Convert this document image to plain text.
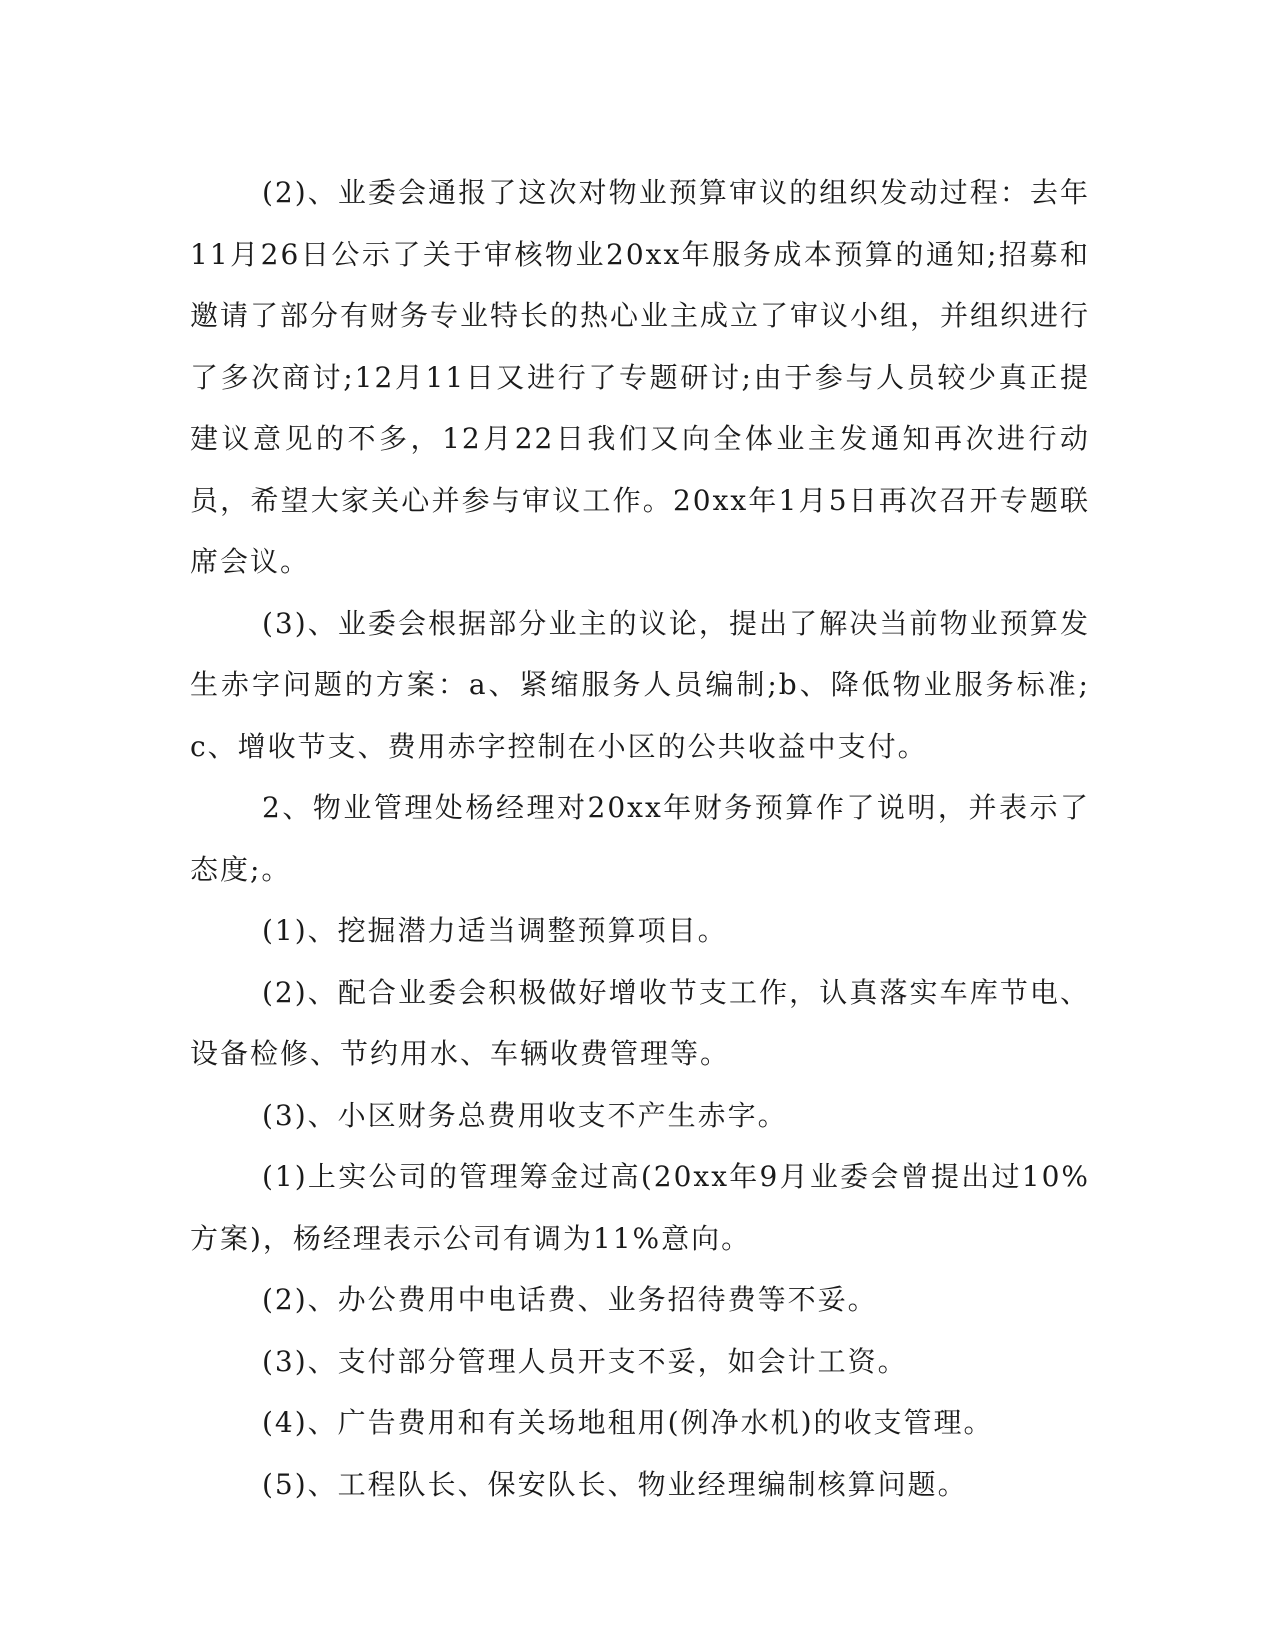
(2)、业委会通报了这次对物业预算审议的组织发动过程：去年11月26日公示了关于审核物业20xx年服务成本预算的通知;招募和邀请了部分有财务专业特长的热心业主成立了审议小组，并组织进行了多次商讨;12月11日又进行了专题研讨;由于参与人员较少真正提建议意见的不多，12月22日我们又向全体业主发通知再次进行动员，希望大家关心并参与审议工作。20xx年1月5日再次召开专题联席会议。

(3)、业委会根据部分业主的议论，提出了解决当前物业预算发生赤字问题的方案：a、紧缩服务人员编制;b、降低物业服务标准;c、增收节支、费用赤字控制在小区的公共收益中支付。

2、物业管理处杨经理对20xx年财务预算作了说明，并表示了态度;。

(1)、挖掘潜力适当调整预算项目。

(2)、配合业委会积极做好增收节支工作，认真落实车库节电、设备检修、节约用水、车辆收费管理等。

(3)、小区财务总费用收支不产生赤字。

(1)上实公司的管理筹金过高(20xx年9月业委会曾提出过10%方案)，杨经理表示公司有调为11%意向。

(2)、办公费用中电话费、业务招待费等不妥。

(3)、支付部分管理人员开支不妥，如会计工资。

(4)、广告费用和有关场地租用(例净水机)的收支管理。

(5)、工程队长、保安队长、物业经理编制核算问题。
